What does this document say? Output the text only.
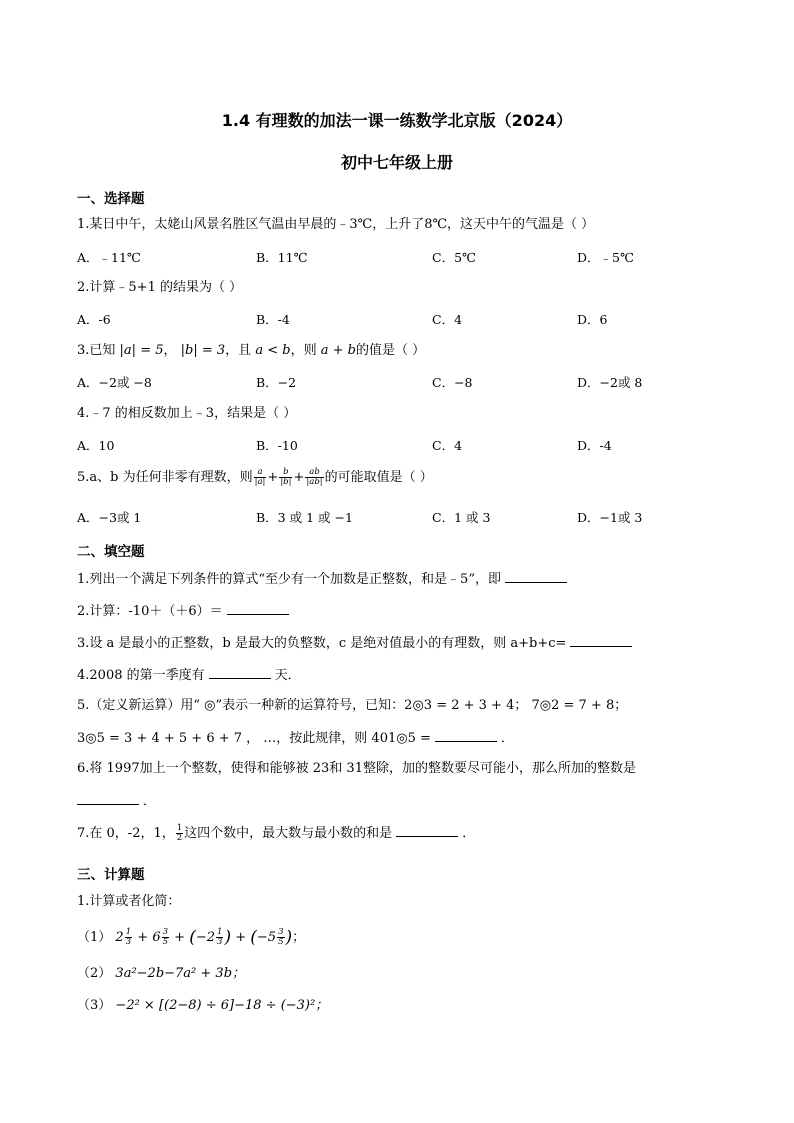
1.4 有理数的加法一课一练数学北京版（2024）
初中七年级上册
一、选择题
1.某日中午，太姥山风景名胜区气温由早晨的﹣3℃，上升了8℃，这天中午的气温是（ ）
A．﹣11℃	B．11℃	C．5℃	D．﹣5℃
2.计算﹣5+1 的结果为（ ）
A．-6	B．-4	C．4	D．6
3.已知 |a| = 5， |b| = 3，且 a < b，则 a + b的值是（ ）
A．−2或 −8	B．−2	C．−8	D．−2或 8
4.﹣7 的相反数加上﹣3，结果是（ ）
A．10	B．-10	C．4	D．-4
5.a、b 为任何非零有理数，则 $\frac{a}{|a|} + \frac{b}{|b|} + \frac{ab}{|ab|}$ 的可能取值是（ ）
A．−3或 1	B．3 或 1 或 −1	C．1 或 3	D．−1或 3
二、填空题
1.列出一个满足下列条件的算式“至少有一个加数是正整数，和是﹣5”，即
2.计算：-10＋（＋6）＝
3.设 a 是最小的正整数，b 是最大的负整数，c 是绝对值最小的有理数，则 a+b+c=
4.2008 的第一季度有	天．
5.（定义新运算）用“ ◎”表示一种新的运算符号，已知：2◎3 = 2 + 3 + 4； 7◎2 = 7 + 8；
3◎5 = 3 + 4 + 5 + 6 + 7 ， …，按此规律，则 401◎5 =	．
6.将 1997加上一个整数，使得和能够被 23和 31整除，加的整数要尽可能小，那么所加的整数是
．
7.在 0，-2，1， $\frac{1}{2}$ 这四个数中，最大数与最小数的和是	．
三、计算题
1.计算或者化简：
（1） $2 \frac{1}{3} + 6 \frac{3}{5} + (-2 \frac{1}{3}$ ) + ($-5 \frac{3}{5}$ )；
（2） 3a²−2b−7a² + 3b；
（3） −2² × [(2−8) ÷ 6]−18 ÷ (−3)²；
